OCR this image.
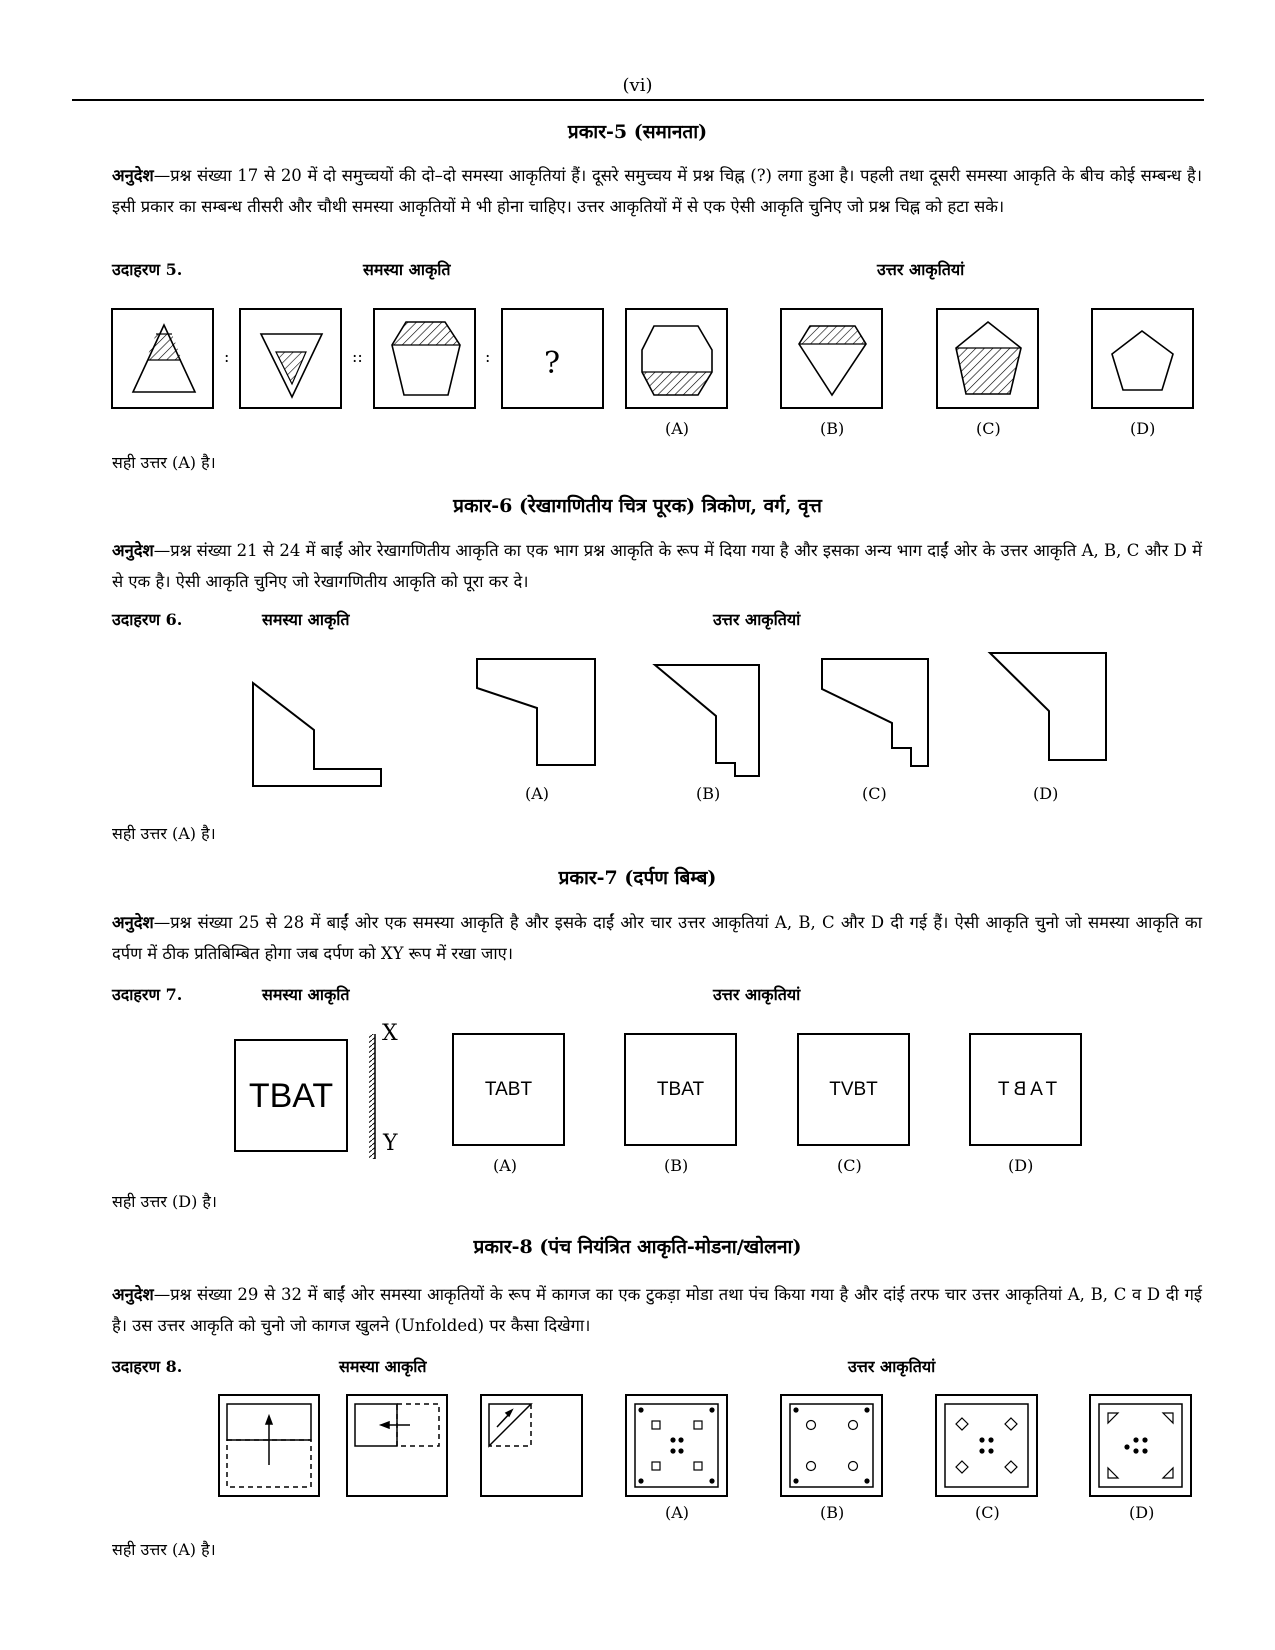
(vi)
प्रकार-5 (समानता)
अनुदेश—प्रश्न संख्या 17 से 20 में दो समुच्चयों की दो–दो समस्या आकृतियां हैं। दूसरे समुच्चय में प्रश्न चिह्न (?) लगा हुआ है। पहली तथा दूसरी समस्या आकृति के बीच कोई सम्बन्ध है। इसी प्रकार का सम्बन्ध तीसरी और चौथी समस्या आकृतियों मे भी होना चाहिए। उत्तर आकृतियों में से एक ऐसी आकृति चुनिए जो प्रश्न चिह्न को हटा सके।
उदाहरण 5.	समस्या आकृति	उत्तर आकृतियां
?
:	::	:
(A)	(B)	(C)	(D)
सही उत्तर (A) है।
प्रकार-6 (रेखागणितीय चित्र पूरक) त्रिकोण, वर्ग, वृत्त
अनुदेश—प्रश्न संख्या 21 से 24 में बाईं ओर रेखागणितीय आकृति का एक भाग प्रश्न आकृति के रूप में दिया गया है और इसका अन्य भाग दाईं ओर के उत्तर आकृति A, B, C और D में से एक है। ऐसी आकृति चुनिए जो रेखागणितीय आकृति को पूरा कर दे।
उदाहरण 6.	समस्या आकृति	उत्तर आकृतियां
(A)	(B)	(C)	(D)
सही उत्तर (A) है।
प्रकार-7 (दर्पण बिम्ब)
अनुदेश—प्रश्न संख्या 25 से 28 में बाईं ओर एक समस्या आकृति है और इसके दाईं ओर चार उत्तर आकृतियां A, B, C और D दी गई हैं। ऐसी आकृति चुनो जो समस्या आकृति का दर्पण में ठीक प्रतिबिम्बित होगा जब दर्पण को XY रूप में रखा जाए।
उदाहरण 7.	समस्या आकृति	उत्तर आकृतियां
TBAT
X
Y
TABT	TBAT	TVBT	TABT
(A)	(B)	(C)	(D)
सही उत्तर (D) है।
प्रकार-8 (पंच नियंत्रित आकृति-मोडना/खोलना)
अनुदेश—प्रश्न संख्या 29 से 32 में बाईं ओर समस्या आकृतियों के रूप में कागज का एक टुकड़ा मोडा तथा पंच किया गया है और दांई तरफ चार उत्तर आकृतियां A, B, C व D दी गई है। उस उत्तर आकृति को चुनो जो कागज खुलने (Unfolded) पर कैसा दिखेगा।
उदाहरण 8.	समस्या आकृति	उत्तर आकृतियां
(A)	(B)	(C)	(D)
सही उत्तर (A) है।
